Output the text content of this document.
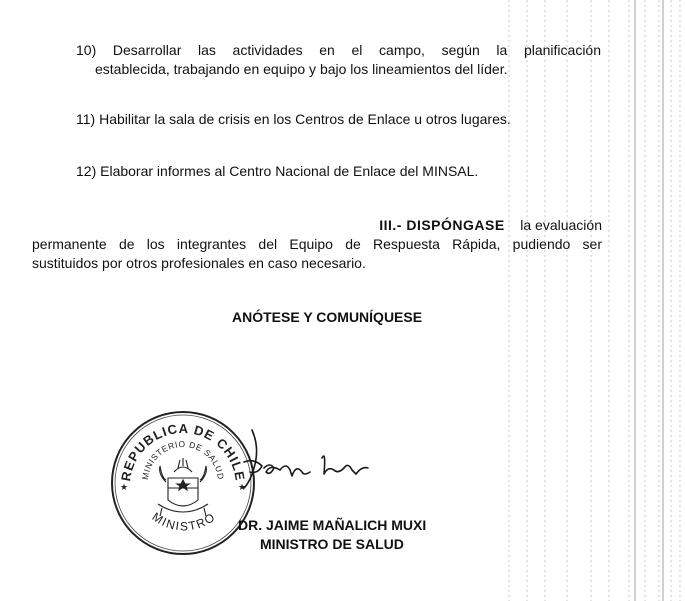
10) Desarrollar las actividades en el campo, según la planificación
establecida, trabajando en equipo y bajo los lineamientos del líder.
11) Habilitar la sala de crisis en los Centros de Enlace u otros lugares.
12) Elaborar informes al Centro Nacional de Enlace del MINSAL.
III.- DISPÓNGASE la evaluación
permanente de los integrantes del Equipo de Respuesta Rápida, pudiendo ser
sustituidos por otros profesionales en caso necesario.
ANÓTESE Y COMUNÍQUESE
REPUBLICA DE CHILE
MINISTERIO DE SALUD
MINISTRO
★	★
DR. JAIME MAÑALICH MUXI
MINISTRO DE SALUD
